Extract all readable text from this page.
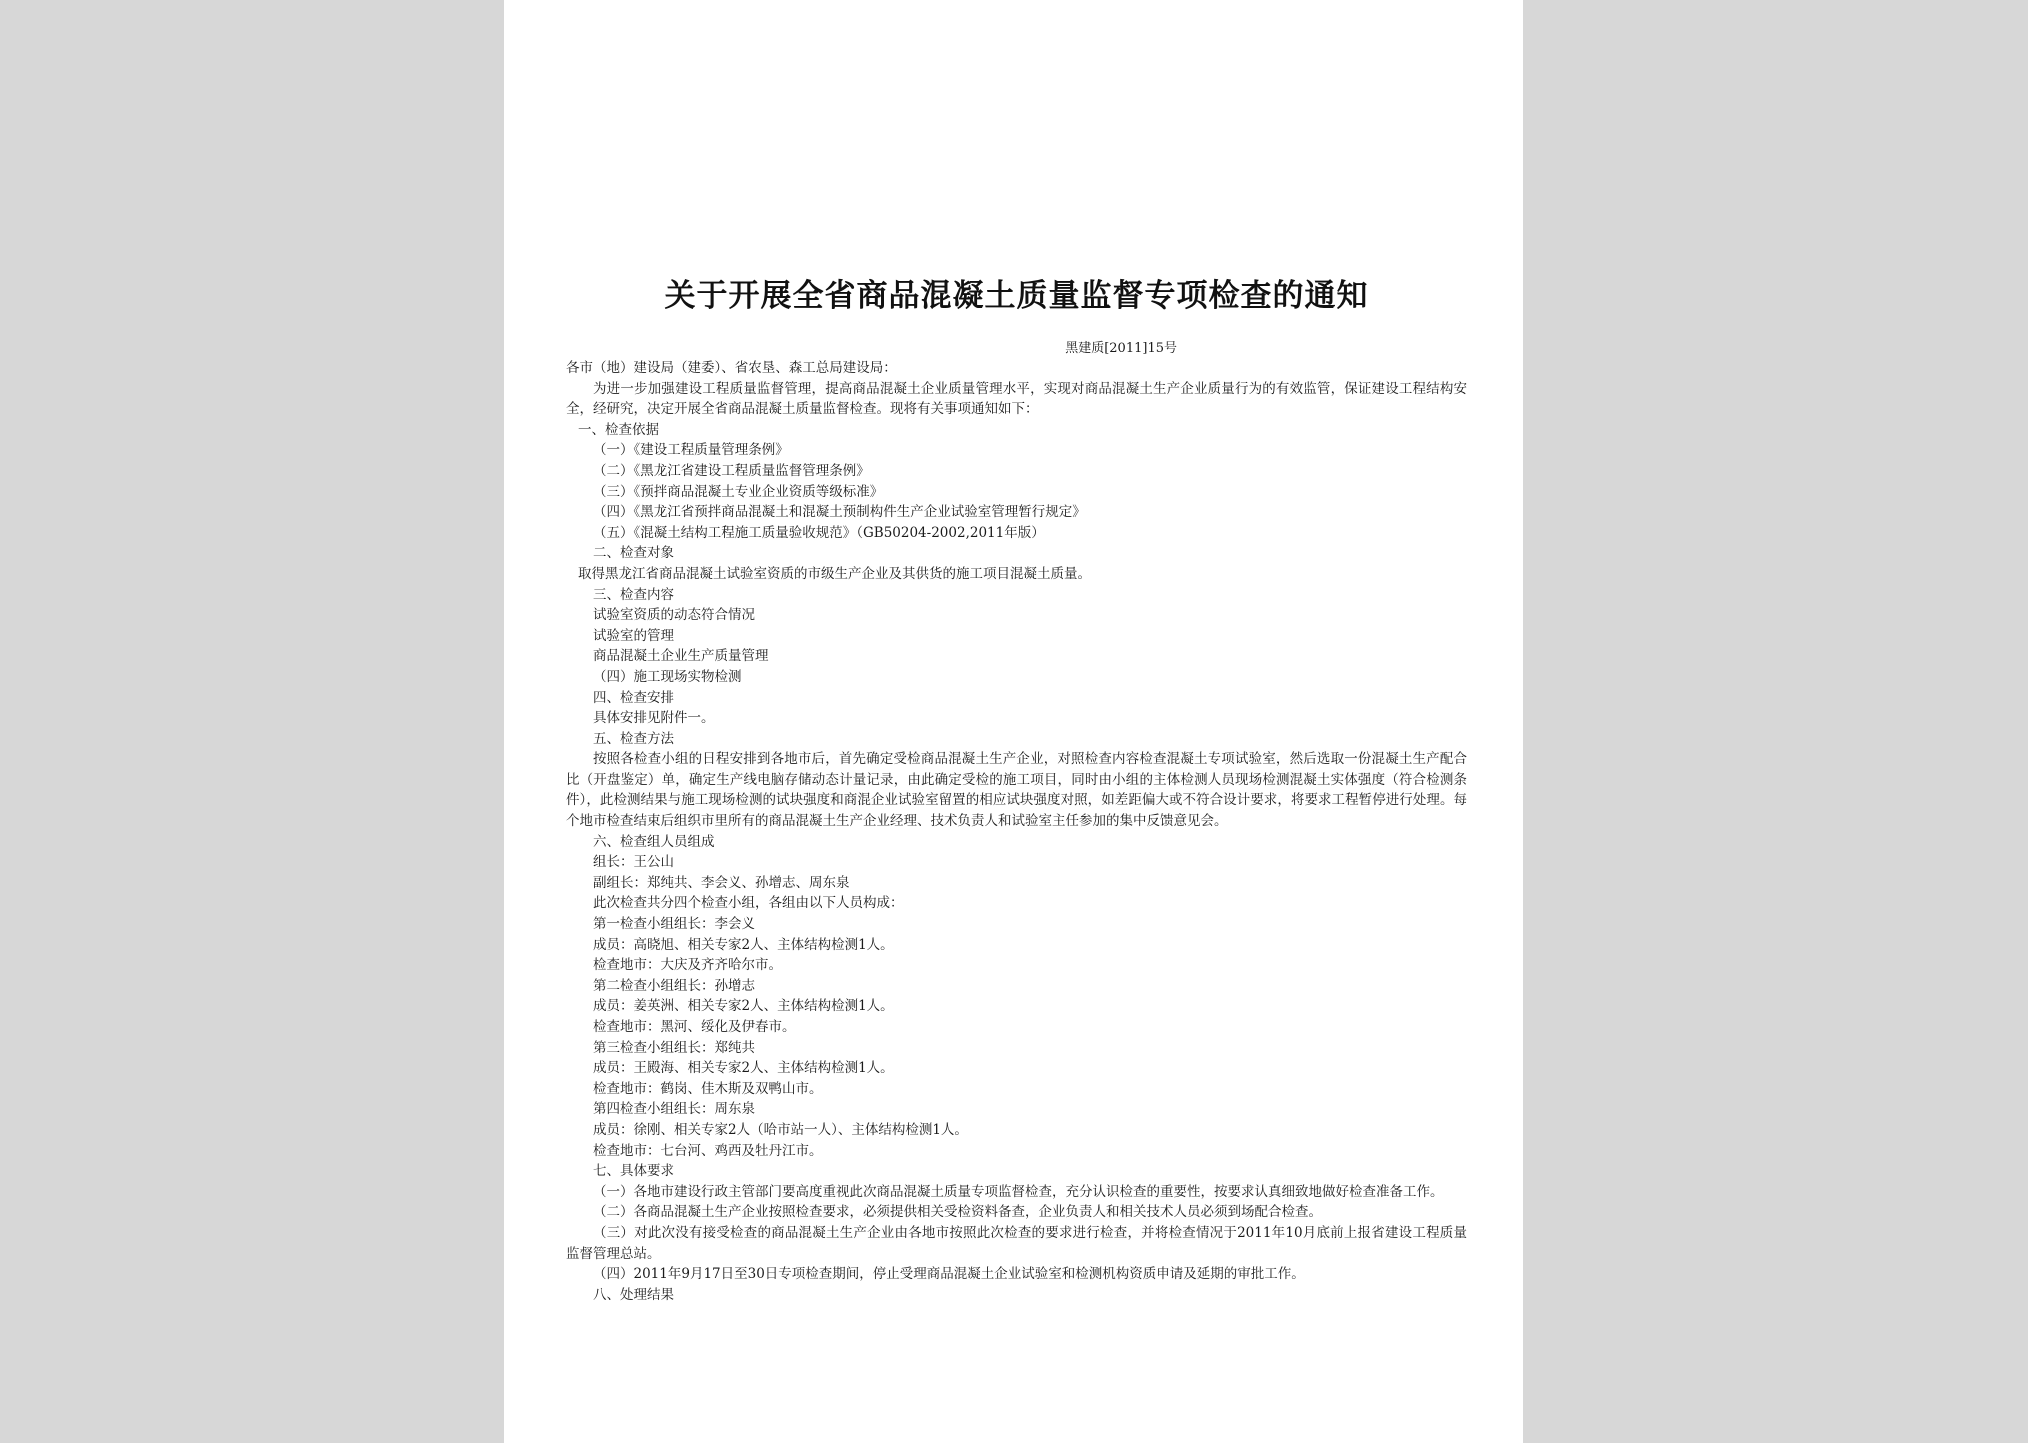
关于开展全省商品混凝土质量监督专项检查的通知
黑建质[2011]15号
各市（地）建设局（建委）、省农垦、森工总局建设局：
为进一步加强建设工程质量监督管理，提高商品混凝土企业质量管理水平，实现对商品混凝土生产企业质量行为的有效监管，保证建设工程结构安全，经研究，决定开展全省商品混凝土质量监督检查。现将有关事项通知如下：
一、检查依据
（一）《建设工程质量管理条例》
（二）《黑龙江省建设工程质量监督管理条例》
（三）《预拌商品混凝土专业企业资质等级标准》
（四）《黑龙江省预拌商品混凝土和混凝土预制构件生产企业试验室管理暂行规定》
（五）《混凝土结构工程施工质量验收规范》（GB50204-2002,2011年版）
二、检查对象
取得黑龙江省商品混凝土试验室资质的市级生产企业及其供货的施工项目混凝土质量。
三、检查内容
试验室资质的动态符合情况
试验室的管理
商品混凝土企业生产质量管理
（四）施工现场实物检测
四、检查安排
具体安排见附件一。
五、检查方法
按照各检查小组的日程安排到各地市后，首先确定受检商品混凝土生产企业，对照检查内容检查混凝土专项试验室，然后选取一份混凝土生产配合比（开盘鉴定）单，确定生产线电脑存储动态计量记录，由此确定受检的施工项目，同时由小组的主体检测人员现场检测混凝土实体强度（符合检测条件），此检测结果与施工现场检测的试块强度和商混企业试验室留置的相应试块强度对照，如差距偏大或不符合设计要求，将要求工程暂停进行处理。每个地市检查结束后组织市里所有的商品混凝土生产企业经理、技术负责人和试验室主任参加的集中反馈意见会。
六、检查组人员组成
组长：王公山
副组长：郑纯共、李会义、孙增志、周东泉
此次检查共分四个检查小组，各组由以下人员构成：
第一检查小组组长：李会义
成员：高晓旭、相关专家2人、主体结构检测1人。
检查地市：大庆及齐齐哈尔市。
第二检查小组组长：孙增志
成员：姜英洲、相关专家2人、主体结构检测1人。
检查地市：黑河、绥化及伊春市。
第三检查小组组长：郑纯共
成员：王殿海、相关专家2人、主体结构检测1人。
检查地市：鹤岗、佳木斯及双鸭山市。
第四检查小组组长：周东泉
成员：徐刚、相关专家2人（哈市站一人）、主体结构检测1人。
检查地市：七台河、鸡西及牡丹江市。
七、具体要求
（一）各地市建设行政主管部门要高度重视此次商品混凝土质量专项监督检查，充分认识检查的重要性，按要求认真细致地做好检查准备工作。
（二）各商品混凝土生产企业按照检查要求，必须提供相关受检资料备查，企业负责人和相关技术人员必须到场配合检查。
（三）对此次没有接受检查的商品混凝土生产企业由各地市按照此次检查的要求进行检查，并将检查情况于2011年10月底前上报省建设工程质量监督管理总站。
（四）2011年9月17日至30日专项检查期间，停止受理商品混凝土企业试验室和检测机构资质申请及延期的审批工作。
八、处理结果
